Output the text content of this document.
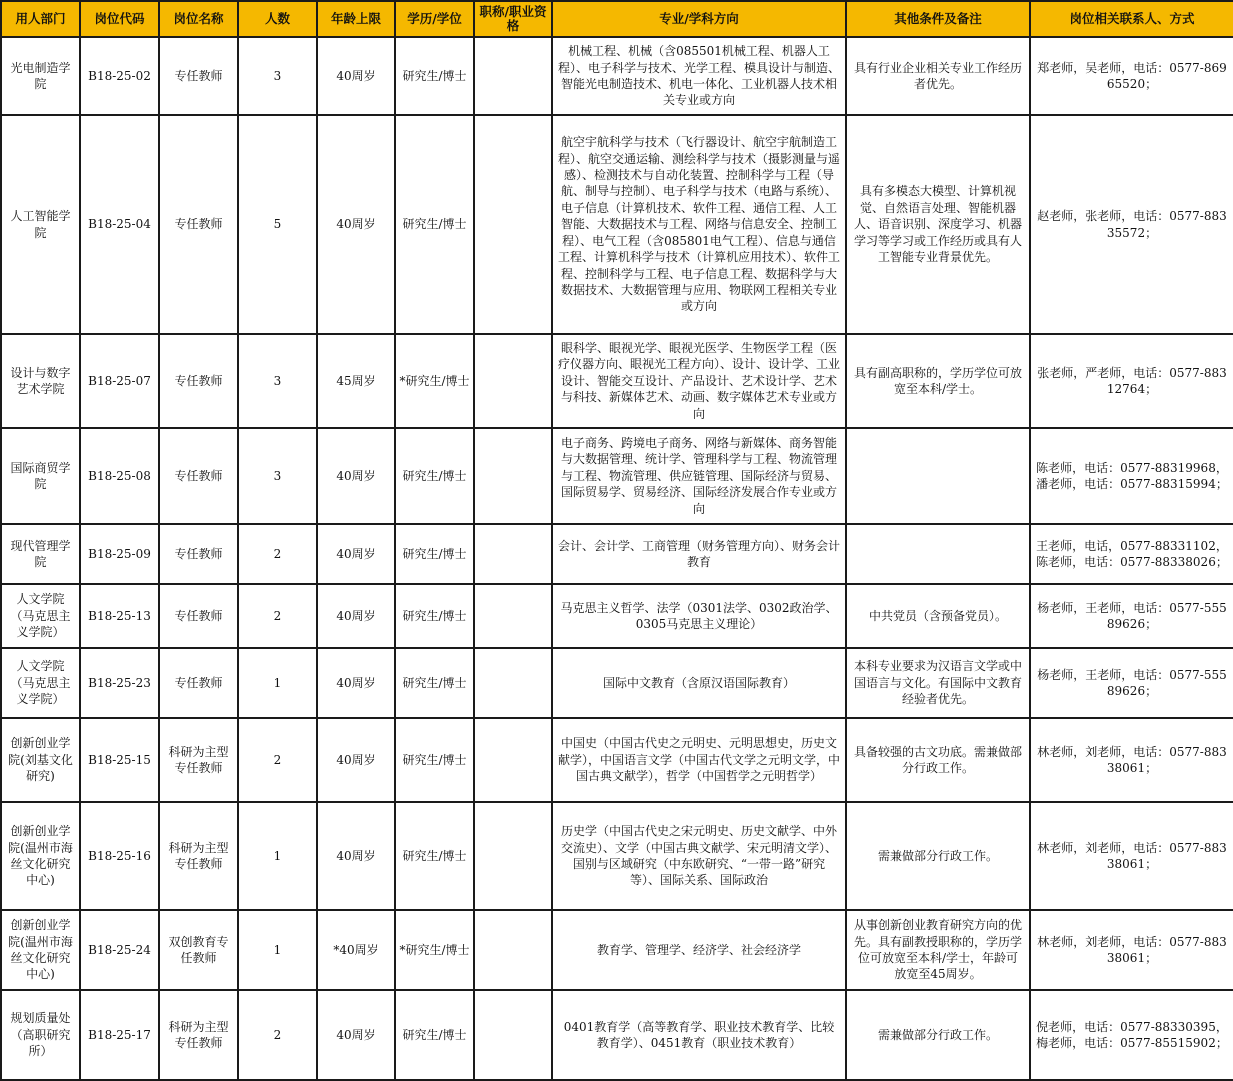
用人部门	岗位代码	岗位名称	人数	年龄上限	学历/学位	职称/职业资格	专业/学科方向	其他条件及备注	岗位相关联系人、方式
光电制造学院	B18-25-02	专任教师	3	40周岁	研究生/博士		机械工程、机械（含085501机械工程、机器人工程）、电子科学与技术、光学工程、模具设计与制造、智能光电制造技术、机电一体化、工业机器人技术相关专业或方向	具有行业企业相关专业工作经历者优先。	郑老师，吴老师，电话：0577-86965520；
人工智能学院	B18-25-04	专任教师	5	40周岁	研究生/博士		航空宇航科学与技术（飞行器设计、航空宇航制造工程）、航空交通运输、测绘科学与技术（摄影测量与遥感）、检测技术与自动化装置、控制科学与工程（导航、制导与控制）、电子科学与技术（电路与系统）、电子信息（计算机技术、软件工程、通信工程、人工智能、大数据技术与工程、网络与信息安全、控制工程）、电气工程（含085801电气工程）、信息与通信工程、计算机科学与技术（计算机应用技术）、软件工程、控制科学与工程、电子信息工程、数据科学与大数据技术、大数据管理与应用、物联网工程相关专业或方向	具有多模态大模型、计算机视觉、自然语言处理、智能机器人、语音识别、深度学习、机器学习等学习或工作经历或具有人工智能专业背景优先。	赵老师，张老师，电话：0577-88335572；
设计与数字艺术学院	B18-25-07	专任教师	3	45周岁	*研究生/博士		眼科学、眼视光学、眼视光医学、生物医学工程（医疗仪器方向、眼视光工程方向）、设计、设计学、工业设计、智能交互设计、产品设计、艺术设计学、艺术与科技、新媒体艺术、动画、数字媒体艺术专业或方向	具有副高职称的，学历学位可放宽至本科/学士。	张老师，严老师，电话：0577-88312764；
国际商贸学院	B18-25-08	专任教师	3	40周岁	研究生/博士		电子商务、跨境电子商务、网络与新媒体、商务智能与大数据管理、统计学、管理科学与工程、物流管理与工程、物流管理、供应链管理、国际经济与贸易、国际贸易学、贸易经济、国际经济发展合作专业或方向		陈老师，电话：0577-88319968，潘老师，电话：0577-88315994；
现代管理学院	B18-25-09	专任教师	2	40周岁	研究生/博士		会计、会计学、工商管理（财务管理方向）、财务会计教育		王老师，电话，0577-88331102，陈老师，电话：0577-88338026；
人文学院（马克思主义学院）	B18-25-13	专任教师	2	40周岁	研究生/博士		马克思主义哲学、法学（0301法学、0302政治学、0305马克思主义理论）	中共党员（含预备党员）。	杨老师，王老师，电话：0577-55589626；
人文学院（马克思主义学院）	B18-25-23	专任教师	1	40周岁	研究生/博士		国际中文教育（含原汉语国际教育）	本科专业要求为汉语言文学或中国语言与文化。有国际中文教育经验者优先。	杨老师，王老师，电话：0577-55589626；
创新创业学院(刘基文化研究)	B18-25-15	科研为主型专任教师	2	40周岁	研究生/博士		中国史（中国古代史之元明史、元明思想史，历史文献学），中国语言文学（中国古代文学之元明文学，中国古典文献学），哲学（中国哲学之元明哲学）	具备较强的古文功底。需兼做部分行政工作。	林老师，刘老师，电话：0577-88338061；
创新创业学院(温州市海丝文化研究中心)	B18-25-16	科研为主型专任教师	1	40周岁	研究生/博士		历史学（中国古代史之宋元明史、历史文献学、中外交流史）、文学（中国古典文献学、宋元明清文学）、国别与区域研究（中东欧研究、“一带一路”研究等）、国际关系、国际政治	需兼做部分行政工作。	林老师，刘老师，电话：0577-88338061；
创新创业学院(温州市海丝文化研究中心)	B18-25-24	双创教育专任教师	1	*40周岁	*研究生/博士		教育学、管理学、经济学、社会经济学	从事创新创业教育研究方向的优先。具有副教授职称的，学历学位可放宽至本科/学士，年龄可放宽至45周岁。	林老师，刘老师，电话：0577-88338061；
规划质量处（高职研究所）	B18-25-17	科研为主型专任教师	2	40周岁	研究生/博士		0401教育学（高等教育学、职业技术教育学、比较教育学）、0451教育（职业技术教育）	需兼做部分行政工作。	倪老师，电话：0577-88330395，梅老师，电话：0577-85515902；
